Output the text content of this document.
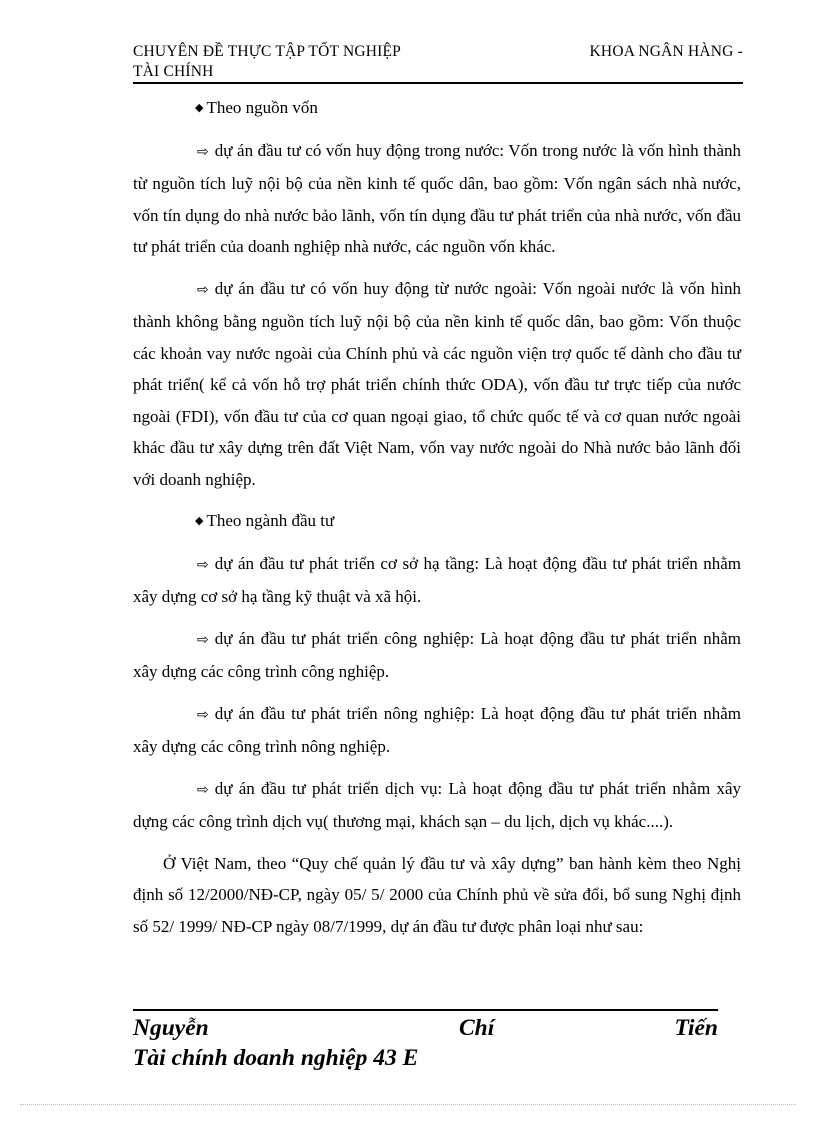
CHUYÊN ĐỀ THỰC TẬP TỐT NGHIỆP	KHOA NGÂN HÀNG -
TÀI CHÍNH
◆ Theo nguồn vốn

⇨ dự án đầu tư có vốn huy động trong nước: Vốn trong nước là vốn hình thành từ nguồn tích luỹ nội bộ của nền kinh tế quốc dân, bao gồm: Vốn ngân sách nhà nước, vốn tín dụng do nhà nước bảo lãnh, vốn tín dụng đầu tư phát triển của nhà nước, vốn đầu tư phát triển của doanh nghiệp nhà nước, các nguồn vốn khác.

⇨ dự án đầu tư có vốn huy động từ nước ngoài: Vốn ngoài nước là vốn hình thành không bằng nguồn tích luỹ nội bộ của nền kinh tế quốc dân, bao gồm: Vốn thuộc các khoản vay nước ngoài của Chính phủ và các nguồn viện trợ quốc tế dành cho đầu tư phát triển( kể cả vốn hỗ trợ phát triển chính thức ODA), vốn đầu tư trực tiếp của nước ngoài (FDI), vốn đầu tư của cơ quan ngoại giao, tổ chức quốc tế và cơ quan nước ngoài khác đầu tư xây dựng trên đất Việt Nam, vốn vay nước ngoài do Nhà nước bảo lãnh đối với doanh nghiệp.

◆ Theo ngành đầu tư

⇨ dự án đầu tư phát triển cơ sở hạ tầng: Là hoạt động đầu tư phát triển nhằm xây dựng cơ sở hạ tầng kỹ thuật và xã hội.

⇨ dự án đầu tư phát triển công nghiệp: Là hoạt động đầu tư phát triển nhằm xây dựng các công trình công nghiệp.

⇨ dự án đầu tư phát triển nông nghiệp: Là hoạt động đầu tư phát triển nhằm xây dựng các công trình nông nghiệp.

⇨ dự án đầu tư phát triển dịch vụ: Là hoạt động đầu tư phát triển nhằm xây dựng các công trình dịch vụ( thương mại, khách sạn – du lịch, dịch vụ khác....).

Ở Việt Nam, theo “Quy chế quản lý đầu tư và xây dựng” ban hành kèm theo Nghị định số 12/2000/NĐ-CP, ngày 05/ 5/ 2000 của Chính phủ về sửa đổi, bổ sung Nghị định số 52/ 1999/ NĐ-CP ngày 08/7/1999, dự án đầu tư được phân loại như sau:

Nguyễn	Chí	Tiến
Tài chính doanh nghiệp 43 E
